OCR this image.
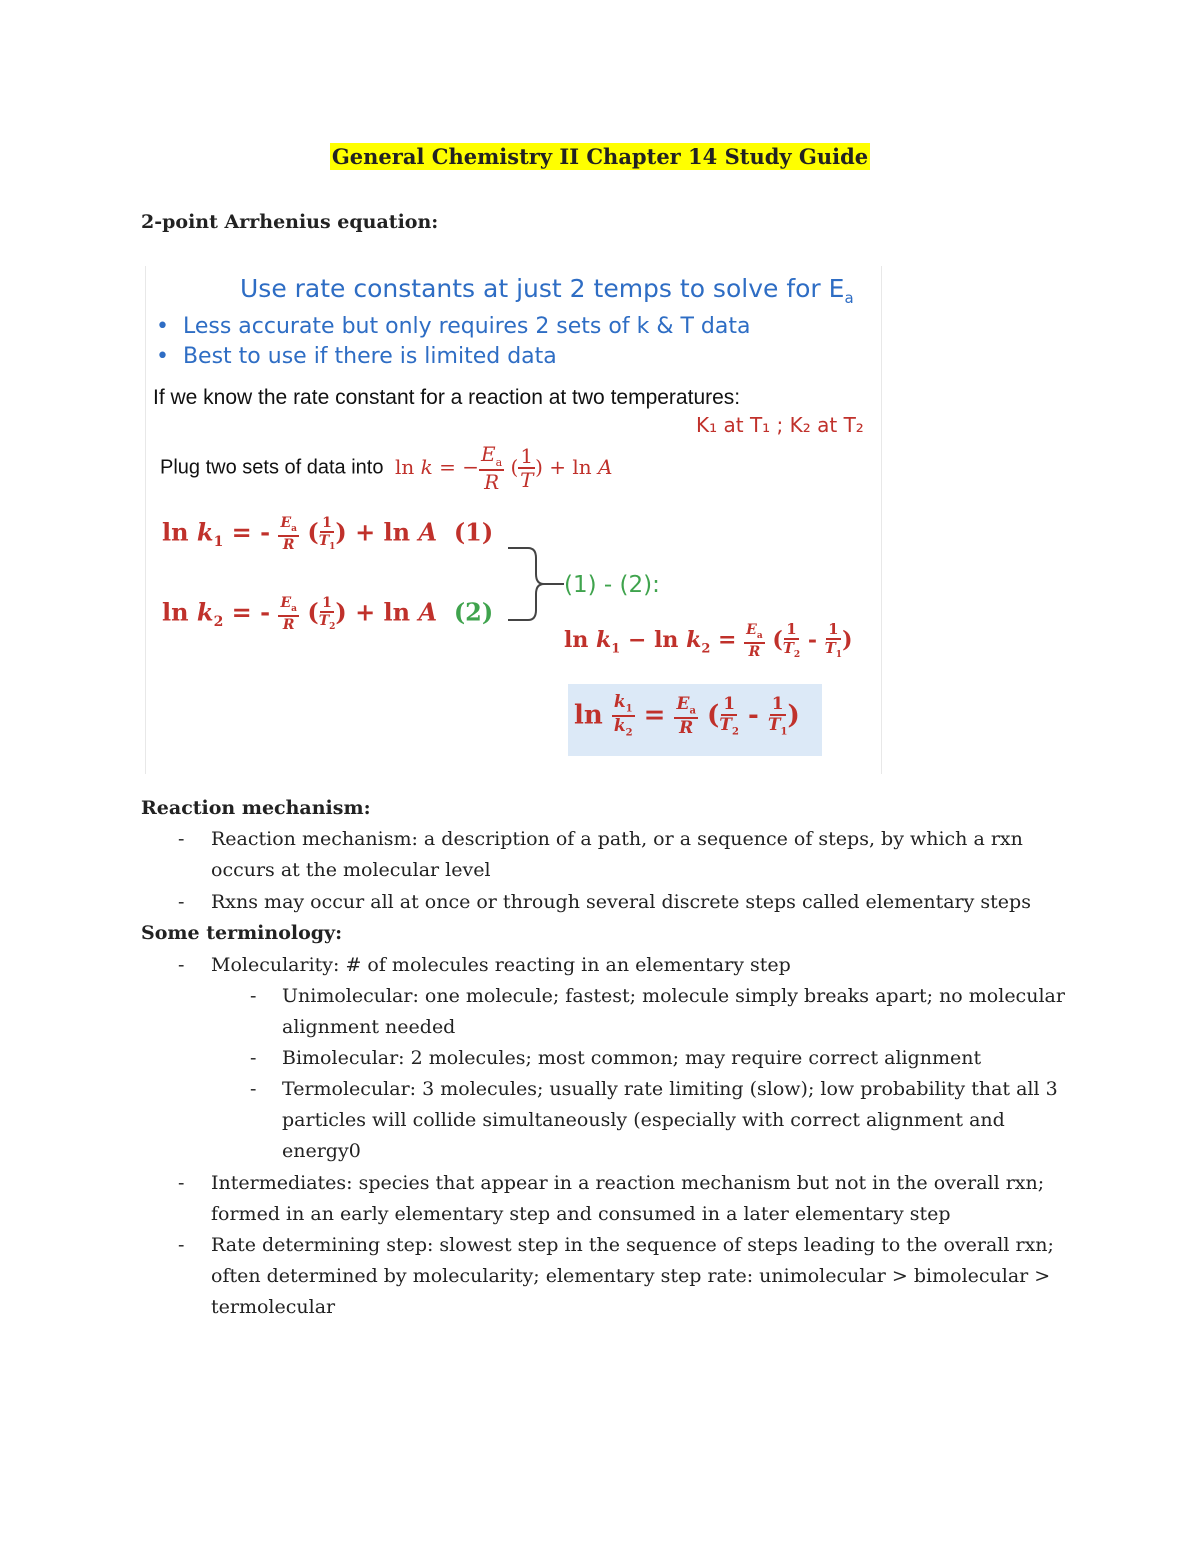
General Chemistry II Chapter 14 Study Guide
2-point Arrhenius equation:
Use rate constants at just 2 temps to solve for $E_a$
•  Less accurate but only requires 2 sets of k & T data
•  Best to use if there is limited data
If we know the rate constant for a reaction at two temperatures:
K₁ at T₁ ; K₂ at T₂
Plug two sets of data into ln k = − $\frac{E_a}{R}$ ( $\frac{1}{T}$ ) + ln A
$\ln k_1$ = - $\frac{E_a}{R}$ ( $\frac{1}{T_1}$ ) + ln A (1)
$\ln k_2$ = - $\frac{E_a}{R}$ ( $\frac{1}{T_2}$ ) + ln A (2)
(1) - (2):
$\ln k_1 - \ln k_2 = \frac{E_a}{R}$ ( $\frac{1}{T_2} - \frac{1}{T_1}$ )
$\ln \frac{k_1}{k_2} = \frac{E_a}{R}$ ( $\frac{1}{T_2} - \frac{1}{T_1}$ )
Reaction mechanism:
- Reaction mechanism: a description of a path, or a sequence of steps, by which a rxn
occurs at the molecular level
- Rxns may occur all at once or through several discrete steps called elementary steps
Some terminology:
- Molecularity: # of molecules reacting in an elementary step
- Unimolecular: one molecule; fastest; molecule simply breaks apart; no molecular
alignment needed
- Bimolecular: 2 molecules; most common; may require correct alignment
- Termolecular: 3 molecules; usually rate limiting (slow); low probability that all 3
particles will collide simultaneously (especially with correct alignment and
energy0
- Intermediates: species that appear in a reaction mechanism but not in the overall rxn;
formed in an early elementary step and consumed in a later elementary step
- Rate determining step: slowest step in the sequence of steps leading to the overall rxn;
often determined by molecularity; elementary step rate: unimolecular > bimolecular >
termolecular
